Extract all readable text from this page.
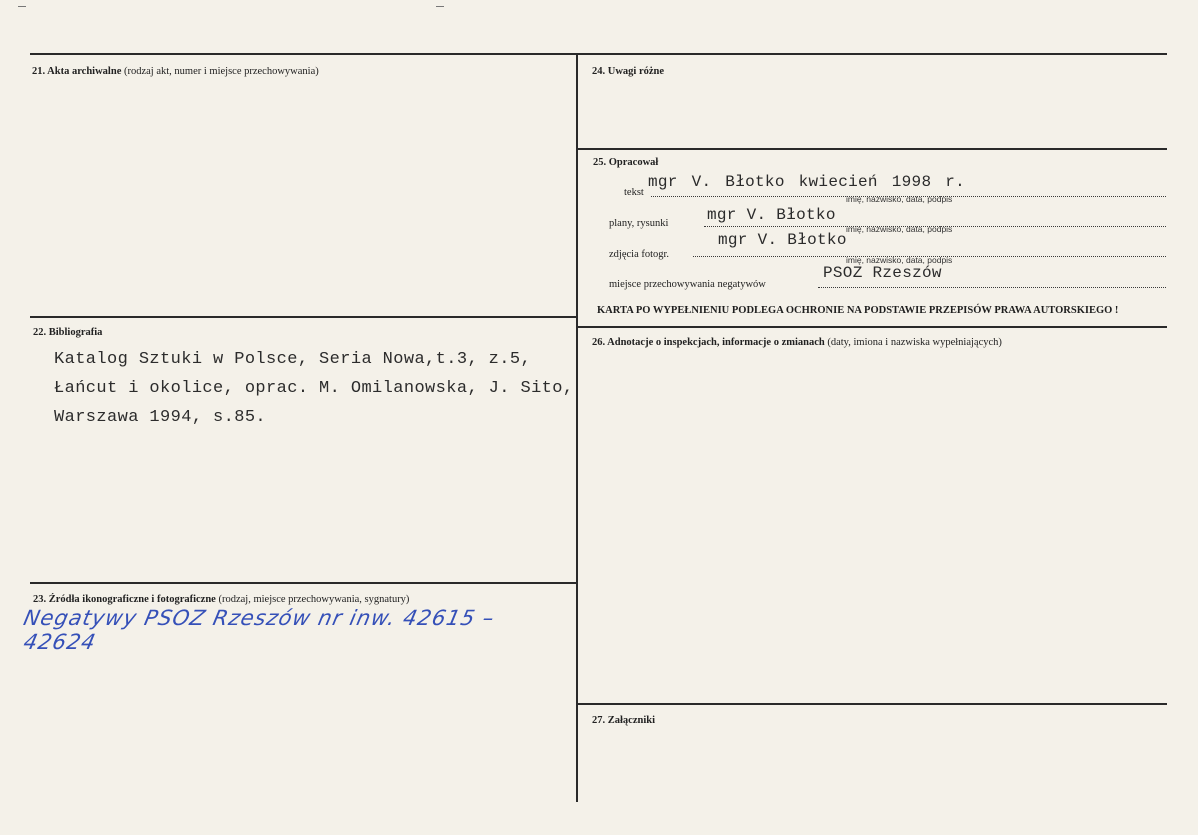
21. Akta archiwalne (rodzaj akt, numer i miejsce przechowywania)
22. Bibliografia
Katalog Sztuki w Polsce, Seria Nowa,t.3, z.5,
Łańcut i okolice, oprac. M. Omilanowska, J. Sito,
Warszawa 1994, s.85.
23. Źródła ikonograficzne i fotograficzne (rodzaj, miejsce przechowywania, sygnatury)
Negatywy PSOZ Rzeszów nr inw. 42615 –
42624
24. Uwagi różne
25. Opracował
tekst
mgr V. Błotko kwiecień 1998 r.
imię, nazwisko, data, podpis
plany, rysunki mgr V. Błotko
imię, nazwisko, data, podpis
zdjęcia fotogr.
mgr V. Błotko
imię, nazwisko, data, podpis
miejsce przechowywania negatywów
PSOZ Rzeszów
KARTA PO WYPEŁNIENIU PODLEGA OCHRONIE NA PODSTAWIE PRZEPISÓW PRAWA AUTORSKIEGO !
26. Adnotacje o inspekcjach, informacje o zmianach (daty, imiona i nazwiska wypełniających)
27. Załączniki
